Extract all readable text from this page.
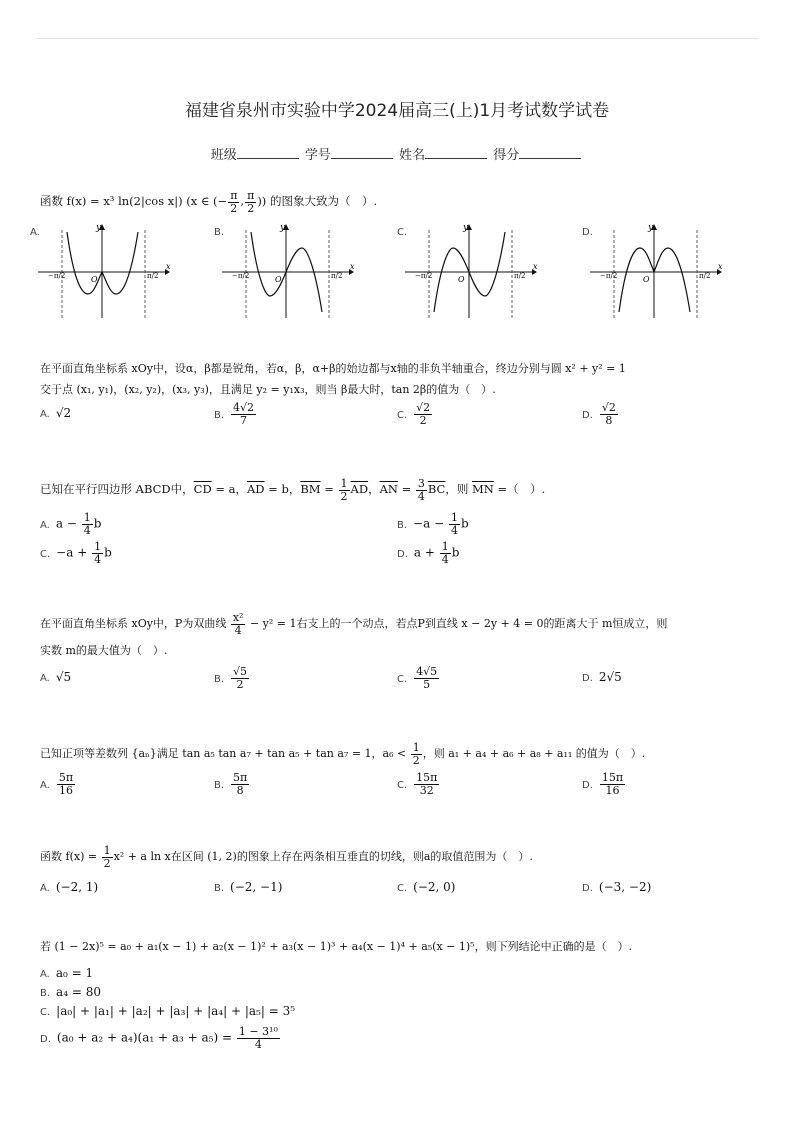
福建省泉州市实验中学2024届高三(上)1月考试数学试卷
班级	学号	姓名	得分
函数 f(x) = x³ ln(2|cos x|) (x ∈ (− $\frac{\pi}{2}$ , $\frac{\pi}{2}$ )) 的图象大致为（　）.
y
x
O
−π/2	π/2
A.	y
x
O
−π/2	π/2
B.	y
x
O
−π/2	π/2
C.	y
x
O
−π/2	π/2
D.
在平面直角坐标系 xOy中，设α，β都是锐角，若α，β，α+β的始边都与x轴的非负半轴重合，终边分别与圆 x² + y² = 1
交于点 (x₁, y₁)，(x₂, y₂)，(x₃, y₃)，且满足 y₂ = y₁x₃，则当 β最大时，tan 2β的值为（　）.
A. √2	B. $\frac{4√2}{7}$	C. $\frac{√2}{2}$	D. $\frac{√2}{8}$
已知在平行四边形 ABCD中，$\overline{CD} = a$，$\overline{AD} = b$，$\overline{BM} = \frac{1}{2} \overline{AD}$，$\overline{AN} = \frac{3}{4} \overline{BC}$，则 $\overline{MN}$ =（　）.
A. $a - \frac{1}{4}$ b	B. $-a - \frac{1}{4}$ b
C. $-a + \frac{1}{4}$ b	D. $a + \frac{1}{4}$ b
在平面直角坐标系 xOy中，P为双曲线 $\frac{\text{x²}}{4} - y^2 = 1$右支上的一个动点，若点P到直线 x − 2y + 4 = 0的距离大于 m恒成立，则
实数 m的最大值为（　）.
A. √5	B. $\frac{√5}{2}$	C. $\frac{4√5}{5}$	D. 2√5
已知正项等差数列 {aₙ}满足 tan a₅ tan a₇ + tan a₅ + tan a₇ = 1，$a_6 < \frac{1}{2}$ ，则 a₁ + a₄ + a₆ + a₈ + a₁₁ 的值为（　）.
A. $\frac{5\pi}{16}$	B. $\frac{5\pi}{8}$	C. $\frac{15\pi}{32}$	D. $\frac{15\pi}{16}$
函数 $f(x) = \frac{1}{2} x^2 + a$ ln x在区间 (1, 2)的图象上存在两条相互垂直的切线，则a的取值范围为（　）.
A. (−2, 1)	B. (−2, −1)	C. (−2, 0)	D. (−3, −2)
若 (1 − 2x)⁵ = a₀ + a₁(x − 1) + a₂(x − 1)² + a₃(x − 1)³ + a₄(x − 1)⁴ + a₅(x − 1)⁵，则下列结论中正确的是（　）.
A. a₀ = 1
B. a₄ = 80
C. |a₀| + |a₁| + |a₂| + |a₃| + |a₄| + |a₅| = 3⁵
D. $(a_0 + a_2 + a_4)(a_1 + a_3 + a_5) = \frac{\text{1 − 3¹⁰}}{4}$
